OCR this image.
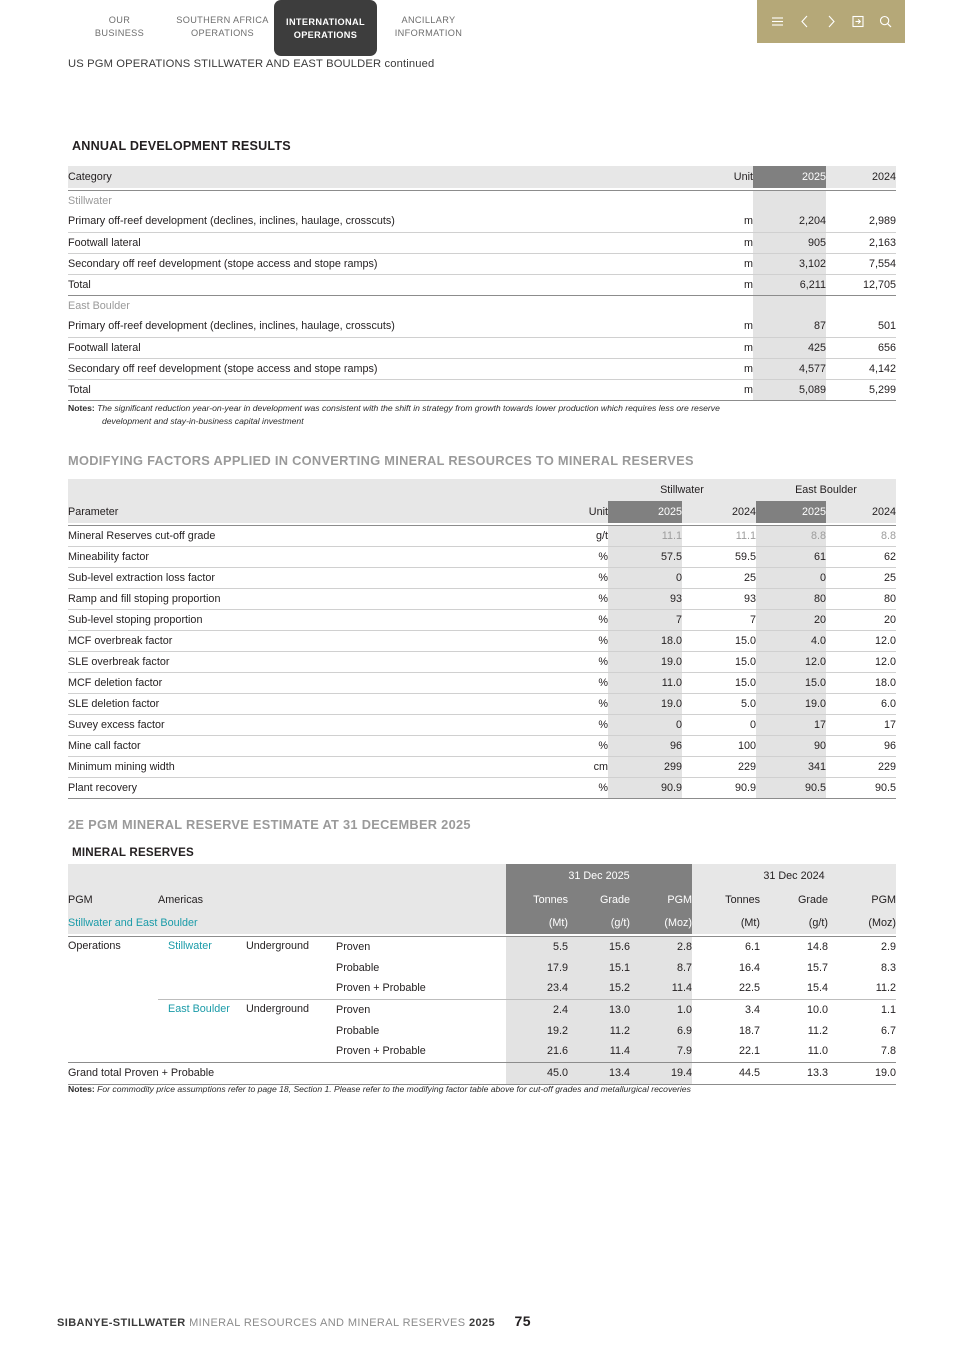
OUR
BUSINESS
SOUTHERN AFRICA
OPERATIONS
INTERNATIONAL
OPERATIONS
ANCILLARY
INFORMATION
US PGM OPERATIONS STILLWATER AND EAST BOULDER continued
ANNUAL DEVELOPMENT RESULTS
Category	Unit	2025	2024

Stillwater			
Primary off-reef development (declines, inclines, haulage, crosscuts)	m	2,204	2,989
Footwall lateral	m	905	2,163
Secondary off reef development (stope access and stope ramps)	m	3,102	7,554
Total	m	6,211	12,705
East Boulder			
Primary off-reef development (declines, inclines, haulage, crosscuts)	m	87	501
Footwall lateral	m	425	656
Secondary off reef development (stope access and stope ramps)	m	4,577	4,142
Total	m	5,089	5,299
Notes: The significant reduction year-on-year in development was consistent with the shift in strategy from growth towards lower production which requires less ore reserve
development and stay-in-business capital investment
MODIFYING FACTORS APPLIED IN CONVERTING MINERAL RESOURCES TO MINERAL RESERVES
		Stillwater		East Boulder	
Parameter	Unit	2025	2024	2025	2024

Mineral Reserves cut-off grade	g/t	11.1	11.1	8.8	8.8
Mineability factor	%	57.5	59.5	61	62
Sub-level extraction loss factor	%	0	25	0	25
Ramp and fill stoping proportion	%	93	93	80	80
Sub-level stoping proportion	%	7	7	20	20
MCF overbreak factor	%	18.0	15.0	4.0	12.0
SLE overbreak factor	%	19.0	15.0	12.0	12.0
MCF deletion factor	%	11.0	15.0	15.0	18.0
SLE deletion factor	%	19.0	5.0	19.0	6.0
Suvey excess factor	%	0	0	17	17
Mine call factor	%	96	100	90	96
Minimum mining width	cm	299	229	341	229
Plant recovery	%	90.9	90.9	90.5	90.5
2E PGM MINERAL RESERVE ESTIMATE AT 31 DECEMBER 2025
MINERAL RESERVES
				31 Dec 2025			31 Dec 2024		
PGM	Americas			Tonnes	Grade	PGM	Tonnes	Grade	PGM
Stillwater and East Boulder				(Mt)	(g/t)	(Moz)	(Mt)	(g/t)	(Moz)

Operations	Stillwater	Underground	Proven	5.5	15.6	2.8	6.1	14.8	2.9
			Probable	17.9	15.1	8.7	16.4	15.7	8.3
			Proven + Probable	23.4	15.2	11.4	22.5	15.4	11.2
	East Boulder	Underground	Proven	2.4	13.0	1.0	3.4	10.0	1.1
			Probable	19.2	11.2	6.9	18.7	11.2	6.7
			Proven + Probable	21.6	11.4	7.9	22.1	11.0	7.8
Grand total Proven + Probable				45.0	13.4	19.4	44.5	13.3	19.0
Notes: For commodity price assumptions refer to page 18, Section 1. Please refer to the modifying factor table above for cut-off grades and metallurgical recoveries
SIBANYE-STILLWATER MINERAL RESOURCES AND MINERAL RESERVES 2025 75
